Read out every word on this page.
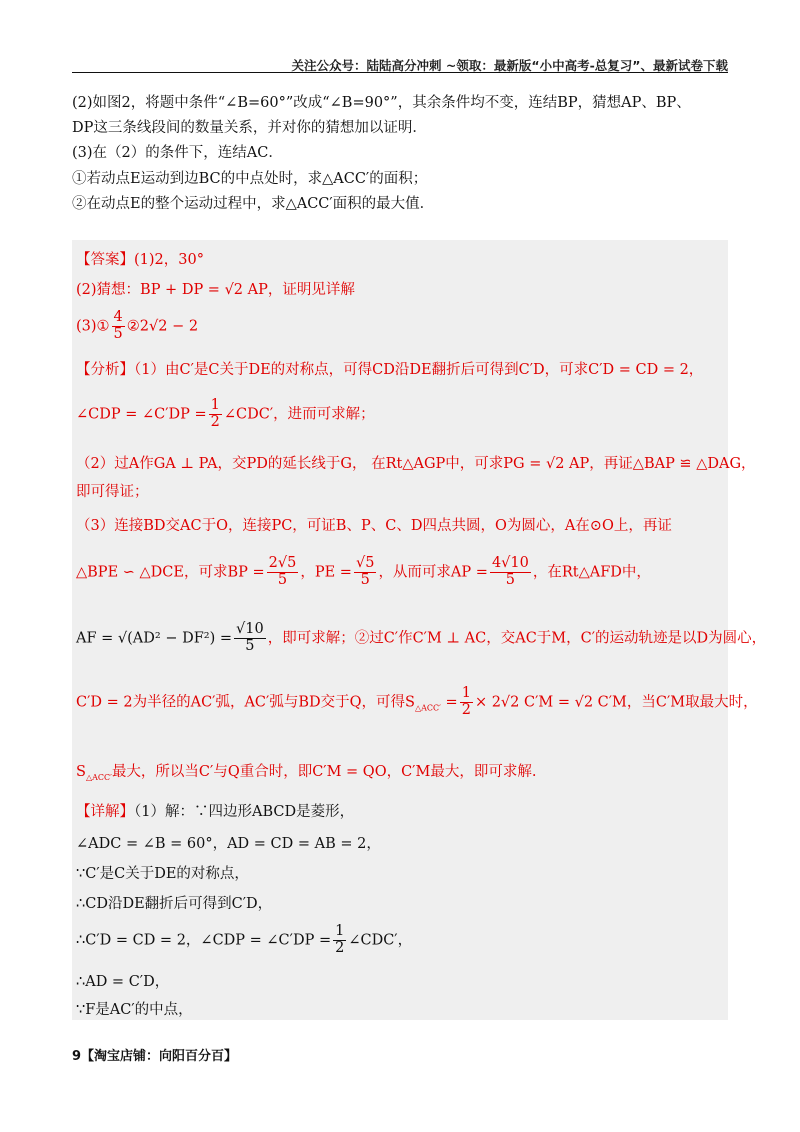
关注公众号：陆陆高分冲刺 ~领取：最新版“小中高考-总复习”、最新试卷下载

(2)如图2，将题中条件“∠B=60°”改成“∠B=90°”，其余条件均不变，连结BP，猜想AP、BP、

DP这三条线段间的数量关系，并对你的猜想加以证明．

(3)在（2）的条件下，连结AC．

①若动点E运动到边BC的中点处时，求△ACC′的面积；

②在动点E的整个运动过程中，求△ACC′面积的最大值．

【答案】(1)2，30°
(2)猜想：BP + DP = √2 AP，证明见详解
(3)① $\frac{4}{5}$ ②2√2 − 2
【分析】（1）由C′是C关于DE的对称点，可得CD沿DE翻折后可得到C′D，可求C′D = CD = 2，
∠CDP = ∠C′DP = $\frac{1}{2}$ ∠CDC′，进而可求解；
（2）过A作GA ⊥ PA，交PD的延长线于G， 在Rt△AGP中，可求PG = √2 AP，再证△BAP ≌ △DAG，
即可得证；
（3）连接BD交AC于O，连接PC，可证B、P、C、D四点共圆，O为圆心，A在⊙O上，再证
△BPE ∽ △DCE，可求BP = $\frac{2√5}{5}$ ，PE = $\frac{√5}{5}$ ，从而可求AP = $\frac{4√10}{5}$ ，在Rt△AFD中，
AF = $√(AD^2 - DF^2) = \frac{√10}{5}$ ，即可求解；②过C′作C′M ⊥ AC，交AC于M，C′的运动轨迹是以D为圆心，
C′D = 2为半径的AC′弧，AC′弧与BD交于Q，可得$S_{\triangle ACC'} = \frac{1}{2} \times 2√2$ C′M = √2 C′M，当C′M取最大时，
$S_{\triangle ACC'}$最大，所以当C′与Q重合时，即C′M = QO，C′M最大，即可求解.
【详解】（1）解：∵四边形ABCD是菱形，
∠ADC = ∠B = 60°，AD = CD = AB = 2，
∵C′是C关于DE的对称点，
∴CD沿DE翻折后可得到C′D，
∴C′D = CD = 2，∠CDP = ∠C′DP = $\frac{1}{2}$ ∠CDC′，
∴AD = C′D，
∵F是AC′的中点，
9【淘宝店铺：向阳百分百】
